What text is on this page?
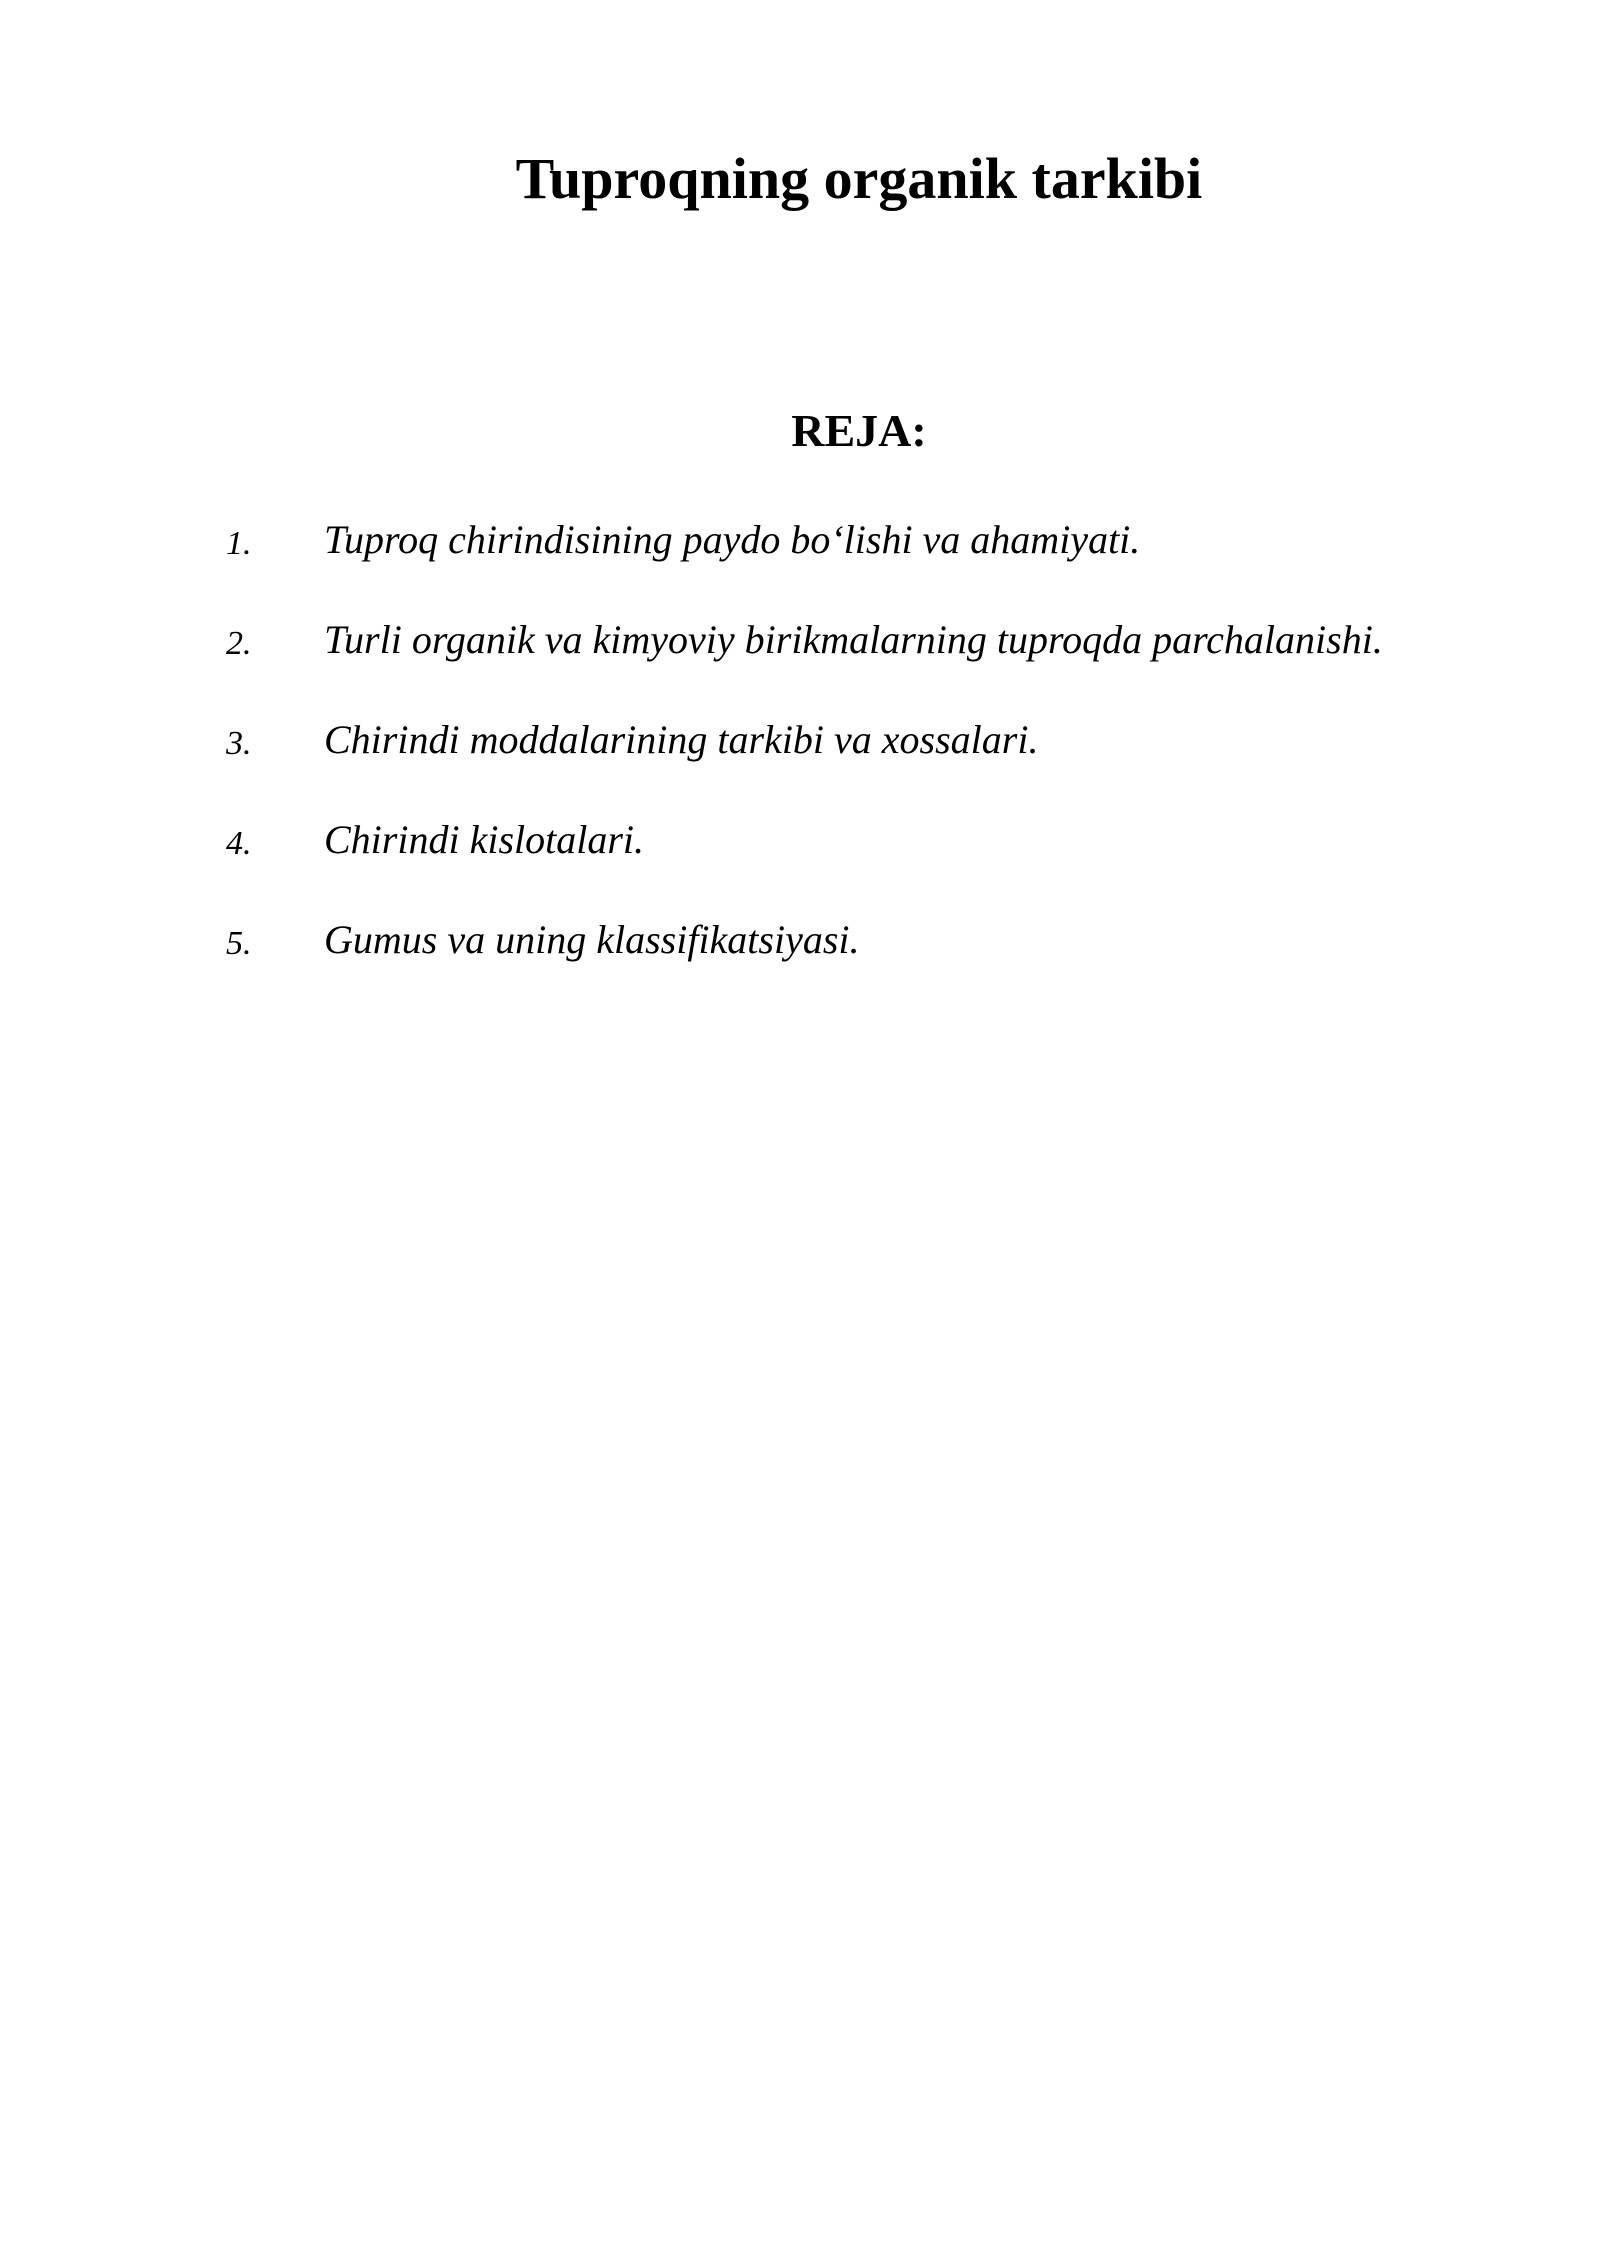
Tuproqning organik tarkibi
REJA:
1. Tuproq chirindisining paydo bo‘lishi va ahamiyati.
2. Turli organik va kimyoviy birikmalarning tuproqda parchalanishi.
3. Chirindi moddalarining tarkibi va xossalari.
4. Chirindi kislotalari.
5. Gumus va uning klassifikatsiyasi.
